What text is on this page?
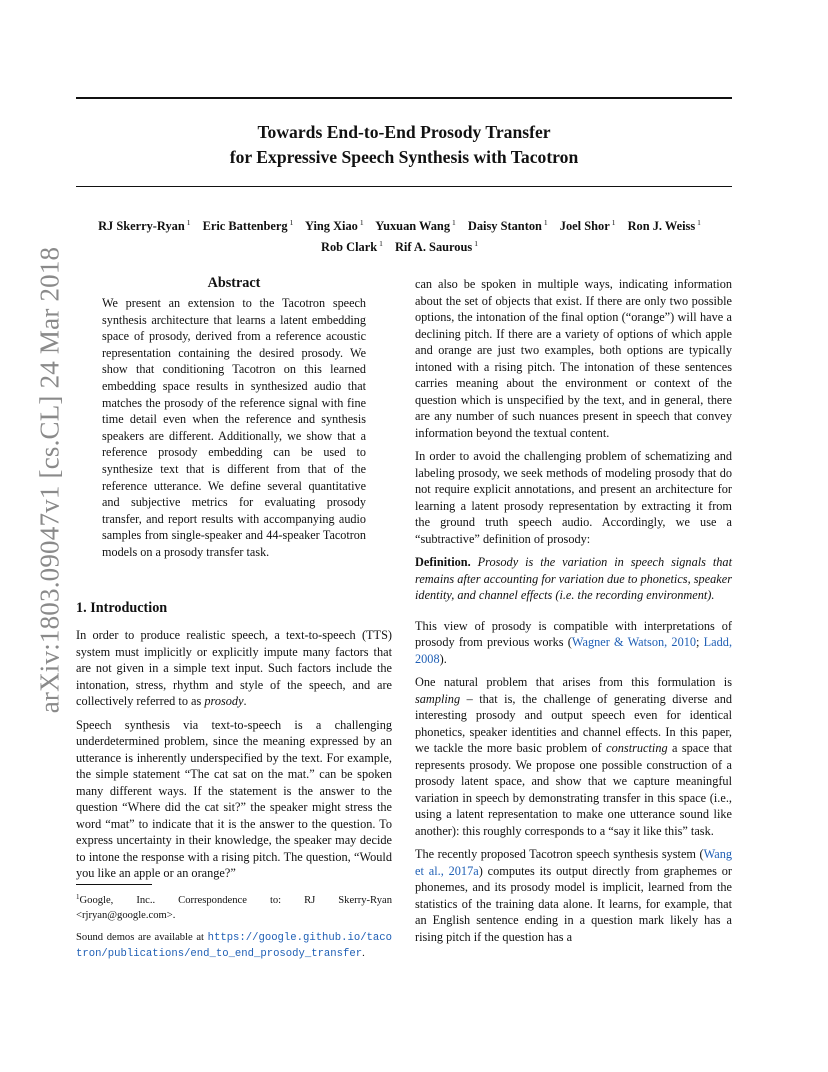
Towards End-to-End Prosody Transfer
for Expressive Speech Synthesis with Tacotron
RJ Skerry-Ryan $^1$ Eric Battenberg $^1$ Ying Xiao $^1$ Yuxuan Wang $^1$ Daisy Stanton $^1$ Joel Shor $^1$ Ron J. Weiss $^1$
Rob Clark $^1$ Rif A. Saurous $^1$
arXiv:1803.09047v1 [cs.CL] 24 Mar 2018	Abstract

We present an extension to the Tacotron speech synthesis architecture that learns a latent embedding space of prosody, derived from a reference acoustic representation containing the desired prosody. We show that conditioning Tacotron on this learned embedding space results in synthesized audio that matches the prosody of the reference signal with fine time detail even when the reference and synthesis speakers are different. Additionally, we show that a reference prosody embedding can be used to synthesize text that is different from that of the reference utterance. We define several quantitative and subjective metrics for evaluating prosody transfer, and report results with accompanying audio samples from single-speaker and 44-speaker Tacotron models on a prosody transfer task.

1. Introduction

In order to produce realistic speech, a text-to-speech (TTS) system must implicitly or explicitly impute many factors that are not given in a simple text input. Such factors include the intonation, stress, rhythm and style of the speech, and are collectively referred to as prosody.

Speech synthesis via text-to-speech is a challenging underdetermined problem, since the meaning expressed by an utterance is inherently underspecified by the text. For example, the simple statement “The cat sat on the mat.” can be spoken many different ways. If the statement is the answer to the question “Where did the cat sit?” the speaker might stress the word “mat” to indicate that it is the answer to the question. To express uncertainty in their knowledge, the speaker may decide to intone the response with a rising pitch. The question, “Would you like an apple or an orange?”

$^1$Google, Inc.. Correspondence to: RJ Skerry-Ryan <rjryan@google.com>.

Sound demos are available at https://google.github.io/tacotron/publications/end_to_end_prosody_transfer.

can also be spoken in multiple ways, indicating information about the set of objects that exist. If there are only two possible options, the intonation of the final option (“orange”) will have a declining pitch. If there are a variety of options of which apple and orange are just two examples, both options are typically intoned with a rising pitch. The intonation of these sentences carries meaning about the environment or context of the question which is unspecified by the text, and in general, there are any number of such nuances present in speech that convey information beyond the textual content.

In order to avoid the challenging problem of schematizing and labeling prosody, we seek methods of modeling prosody that do not require explicit annotations, and present an architecture for learning a latent prosody representation by extracting it from the ground truth speech audio. Accordingly, we use a “subtractive” definition of prosody:

Definition. Prosody is the variation in speech signals that remains after accounting for variation due to phonetics, speaker identity, and channel effects (i.e. the recording environment).

This view of prosody is compatible with interpretations of prosody from previous works (Wagner & Watson, 2010; Ladd, 2008).

One natural problem that arises from this formulation is sampling – that is, the challenge of generating diverse and interesting prosody and output speech even for identical phonetics, speaker identities and channel effects. In this paper, we tackle the more basic problem of constructing a space that represents prosody. We propose one possible construction of a prosody latent space, and show that we capture meaningful variation in speech by demonstrating transfer in this space (i.e., using a latent representation to make one utterance sound like another): this roughly corresponds to a “say it like this” task.

The recently proposed Tacotron speech synthesis system (Wang et al., 2017a) computes its output directly from graphemes or phonemes, and its prosody model is implicit, learned from the statistics of the training data alone. It learns, for example, that an English sentence ending in a question mark likely has a rising pitch if the question has a
